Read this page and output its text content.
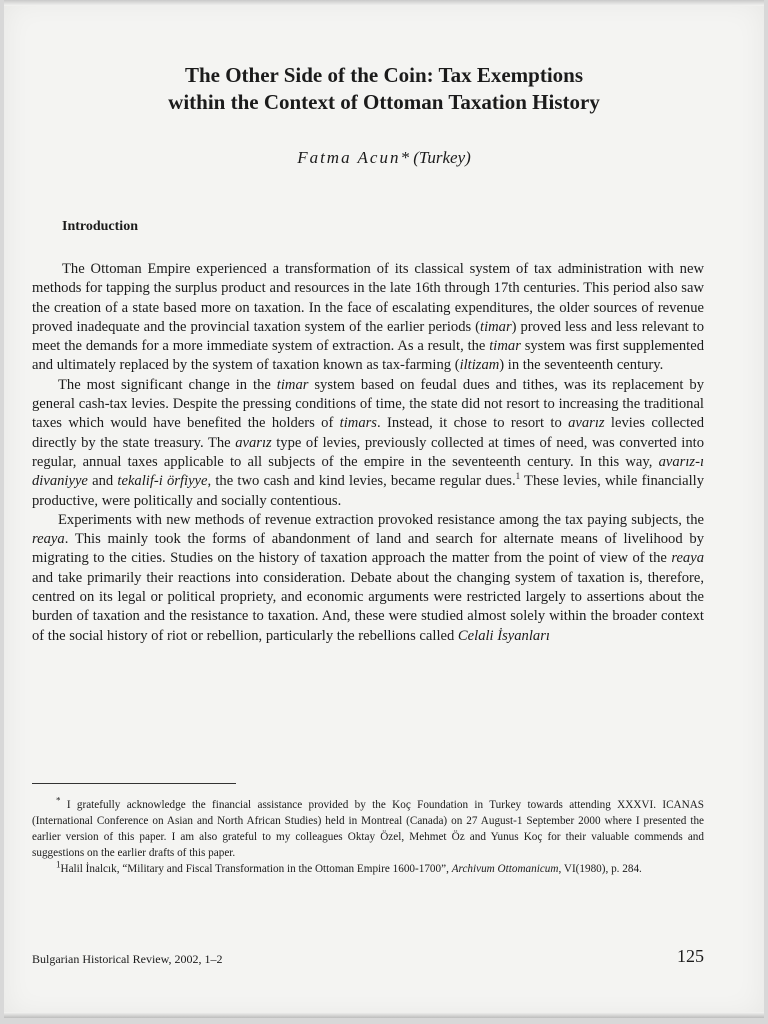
The Other Side of the Coin: Tax Exemptions
within the Context of Ottoman Taxation History
Fatma Acun* (Turkey)
Introduction

The Ottoman Empire experienced a transformation of its classical system of tax administration with new methods for tapping the surplus product and resources in the late 16th through 17th centuries. This period also saw the creation of a state based more on taxation. In the face of escalating expenditures, the older sources of revenue proved inadequate and the provincial taxation system of the earlier periods (timar) proved less and less relevant to meet the demands for a more immediate system of extraction. As a result, the timar system was first supplemented and ultimately replaced by the system of taxation known as tax-farming (iltizam) in the seventeenth century.

The most significant change in the timar system based on feudal dues and tithes, was its replacement by general cash-tax levies. Despite the pressing conditions of time, the state did not resort to increasing the traditional taxes which would have benefited the holders of timars. Instead, it chose to resort to avarız levies collected directly by the state treasury. The avarız type of levies, previously collected at times of need, was converted into regular, annual taxes applicable to all subjects of the empire in the seventeenth century. In this way, avarız-ı divaniyye and tekalif-i örfiyye, the two cash and kind levies, became regular dues.$^1$ These levies, while financially productive, were politically and socially contentious.

Experiments with new methods of revenue extraction provoked resistance among the tax paying subjects, the reaya. This mainly took the forms of abandonment of land and search for alternate means of livelihood by migrating to the cities. Studies on the history of taxation approach the matter from the point of view of the reaya and take primarily their reactions into consideration. Debate about the changing system of taxation is, therefore, centred on its legal or political propriety, and economic arguments were restricted largely to assertions about the burden of taxation and the resistance to taxation. And, these were studied almost solely within the broader context of the social history of riot or rebellion, particularly the rebellions called Celali İsyanları

* I gratefully acknowledge the financial assistance provided by the Koç Foundation in Turkey towards attending XXXVI. ICANAS (International Conference on Asian and North African Studies) held in Montreal (Canada) on 27 August-1 September 2000 where I presented the earlier version of this paper. I am also grateful to my colleagues Oktay Özel, Mehmet Öz and Yunus Koç for their valuable commends and suggestions on the earlier drafts of this paper.

$^1$Halil İnalcık, “Military and Fiscal Transformation in the Ottoman Empire 1600-1700”, Archivum Ottomanicum, VI(1980), p. 284.

Bulgarian Historical Review, 2002, 1–2	125
